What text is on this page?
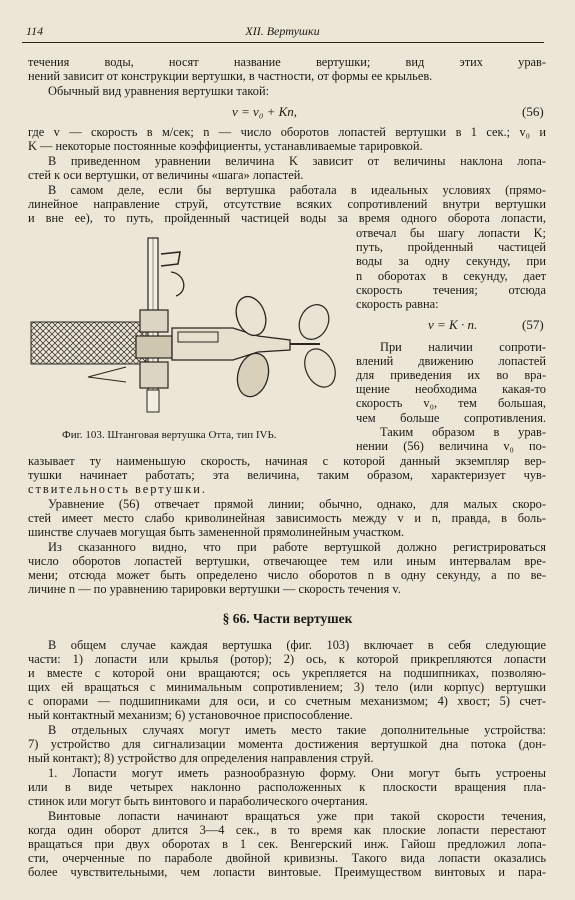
114	XII. Вертушки
течения воды, носят название вертушки; вид этих урав-
нений зависит от конструкции вертушки, в частности, от формы ее крыльев.
Обычный вид уравнения вертушки такой:
v = v₀ + Kn,	(56)
где v — скорость в м/сек; n — число оборотов лопастей вертушки в 1 сек.; v₀ и
K — некоторые постоянные коэффициенты, устанавливаемые тарировкой.
В приведенном уравнении величина K зависит от величины наклона лопа-
стей к оси вертушки, от величины «шага» лопастей.
В самом деле, если бы вертушка работала в идеальных условиях (прямо-
линейное направление струй, отсутствие всяких сопротивлений внутри вертушки
и вне ее), то путь, пройденный частицей воды за время одного оборота лопасти,
отвечал бы шагу лопасти K;
путь, пройденный частицей
воды за одну секунду, при
n оборотах в секунду, дает
скорость течения; отсюда
скорость равна:
v = K · n.	(57)
При наличии сопроти-
влений движению лопастей
для приведения их во вра-
щение необходима какая-то
скорость v₀, тем большая,
чем больше сопротивления.
Таким образом в урав-
нении (56) величина v₀ по-
Фиг. 103. Штанговая вертушка Отта, тип IVЬ.
казывает ту наименьшую скорость, начиная с которой данный экземпляр вер-
тушки начинает работать; эта величина, таким образом, характеризует чув-
ствительность вертушки.
Уравнение (56) отвечает прямой линии; обычно, однако, для малых скоро-
стей имеет место слабо криволинейная зависимость между v и n, правда, в боль-
шинстве случаев могущая быть замененной прямолинейным участком.
Из сказанного видно, что при работе вертушкой должно регистрироваться
число оборотов лопастей вертушки, отвечающее тем или иным интервалам вре-
мени; отсюда может быть определено число оборотов n в одну секунду, а по ве-
личине n — по уравнению тарировки вертушки — скорость течения v.
§ 66. Части вертушек
В общем случае каждая вертушка (фиг. 103) включает в себя следующие
части: 1) лопасти или крылья (ротор); 2) ось, к которой прикрепляются лопасти
и вместе с которой они вращаются; ось укрепляется на подшипниках, позволяю-
щих ей вращаться с минимальным сопротивлением; 3) тело (или корпус) вертушки
с опорами — подшипниками для оси, и со счетным механизмом; 4) хвост; 5) счет-
ный контактный механизм; 6) установочное приспособление.
В отдельных случаях могут иметь место такие дополнительные устройства:
7) устройство для сигнализации момента достижения вертушкой дна потока (дон-
ный контакт); 8) устройство для определения направления струй.
1. Лопасти могут иметь разнообразную форму. Они могут быть устроены
или в виде четырех наклонно расположенных к плоскости вращения пла-
стинок или могут быть винтового и параболического очертания.
Винтовые лопасти начинают вращаться уже при такой скорости течения,
когда один оборот длится 3—4 сек., в то время как плоские лопасти перестают
вращаться при двух оборотах в 1 сек. Венгерский инж. Гайош предложил лопа-
сти, очерченные по параболе двойной кривизны. Такого вида лопасти оказались
более чувствительными, чем лопасти винтовые. Преимуществом винтовых и пара-
